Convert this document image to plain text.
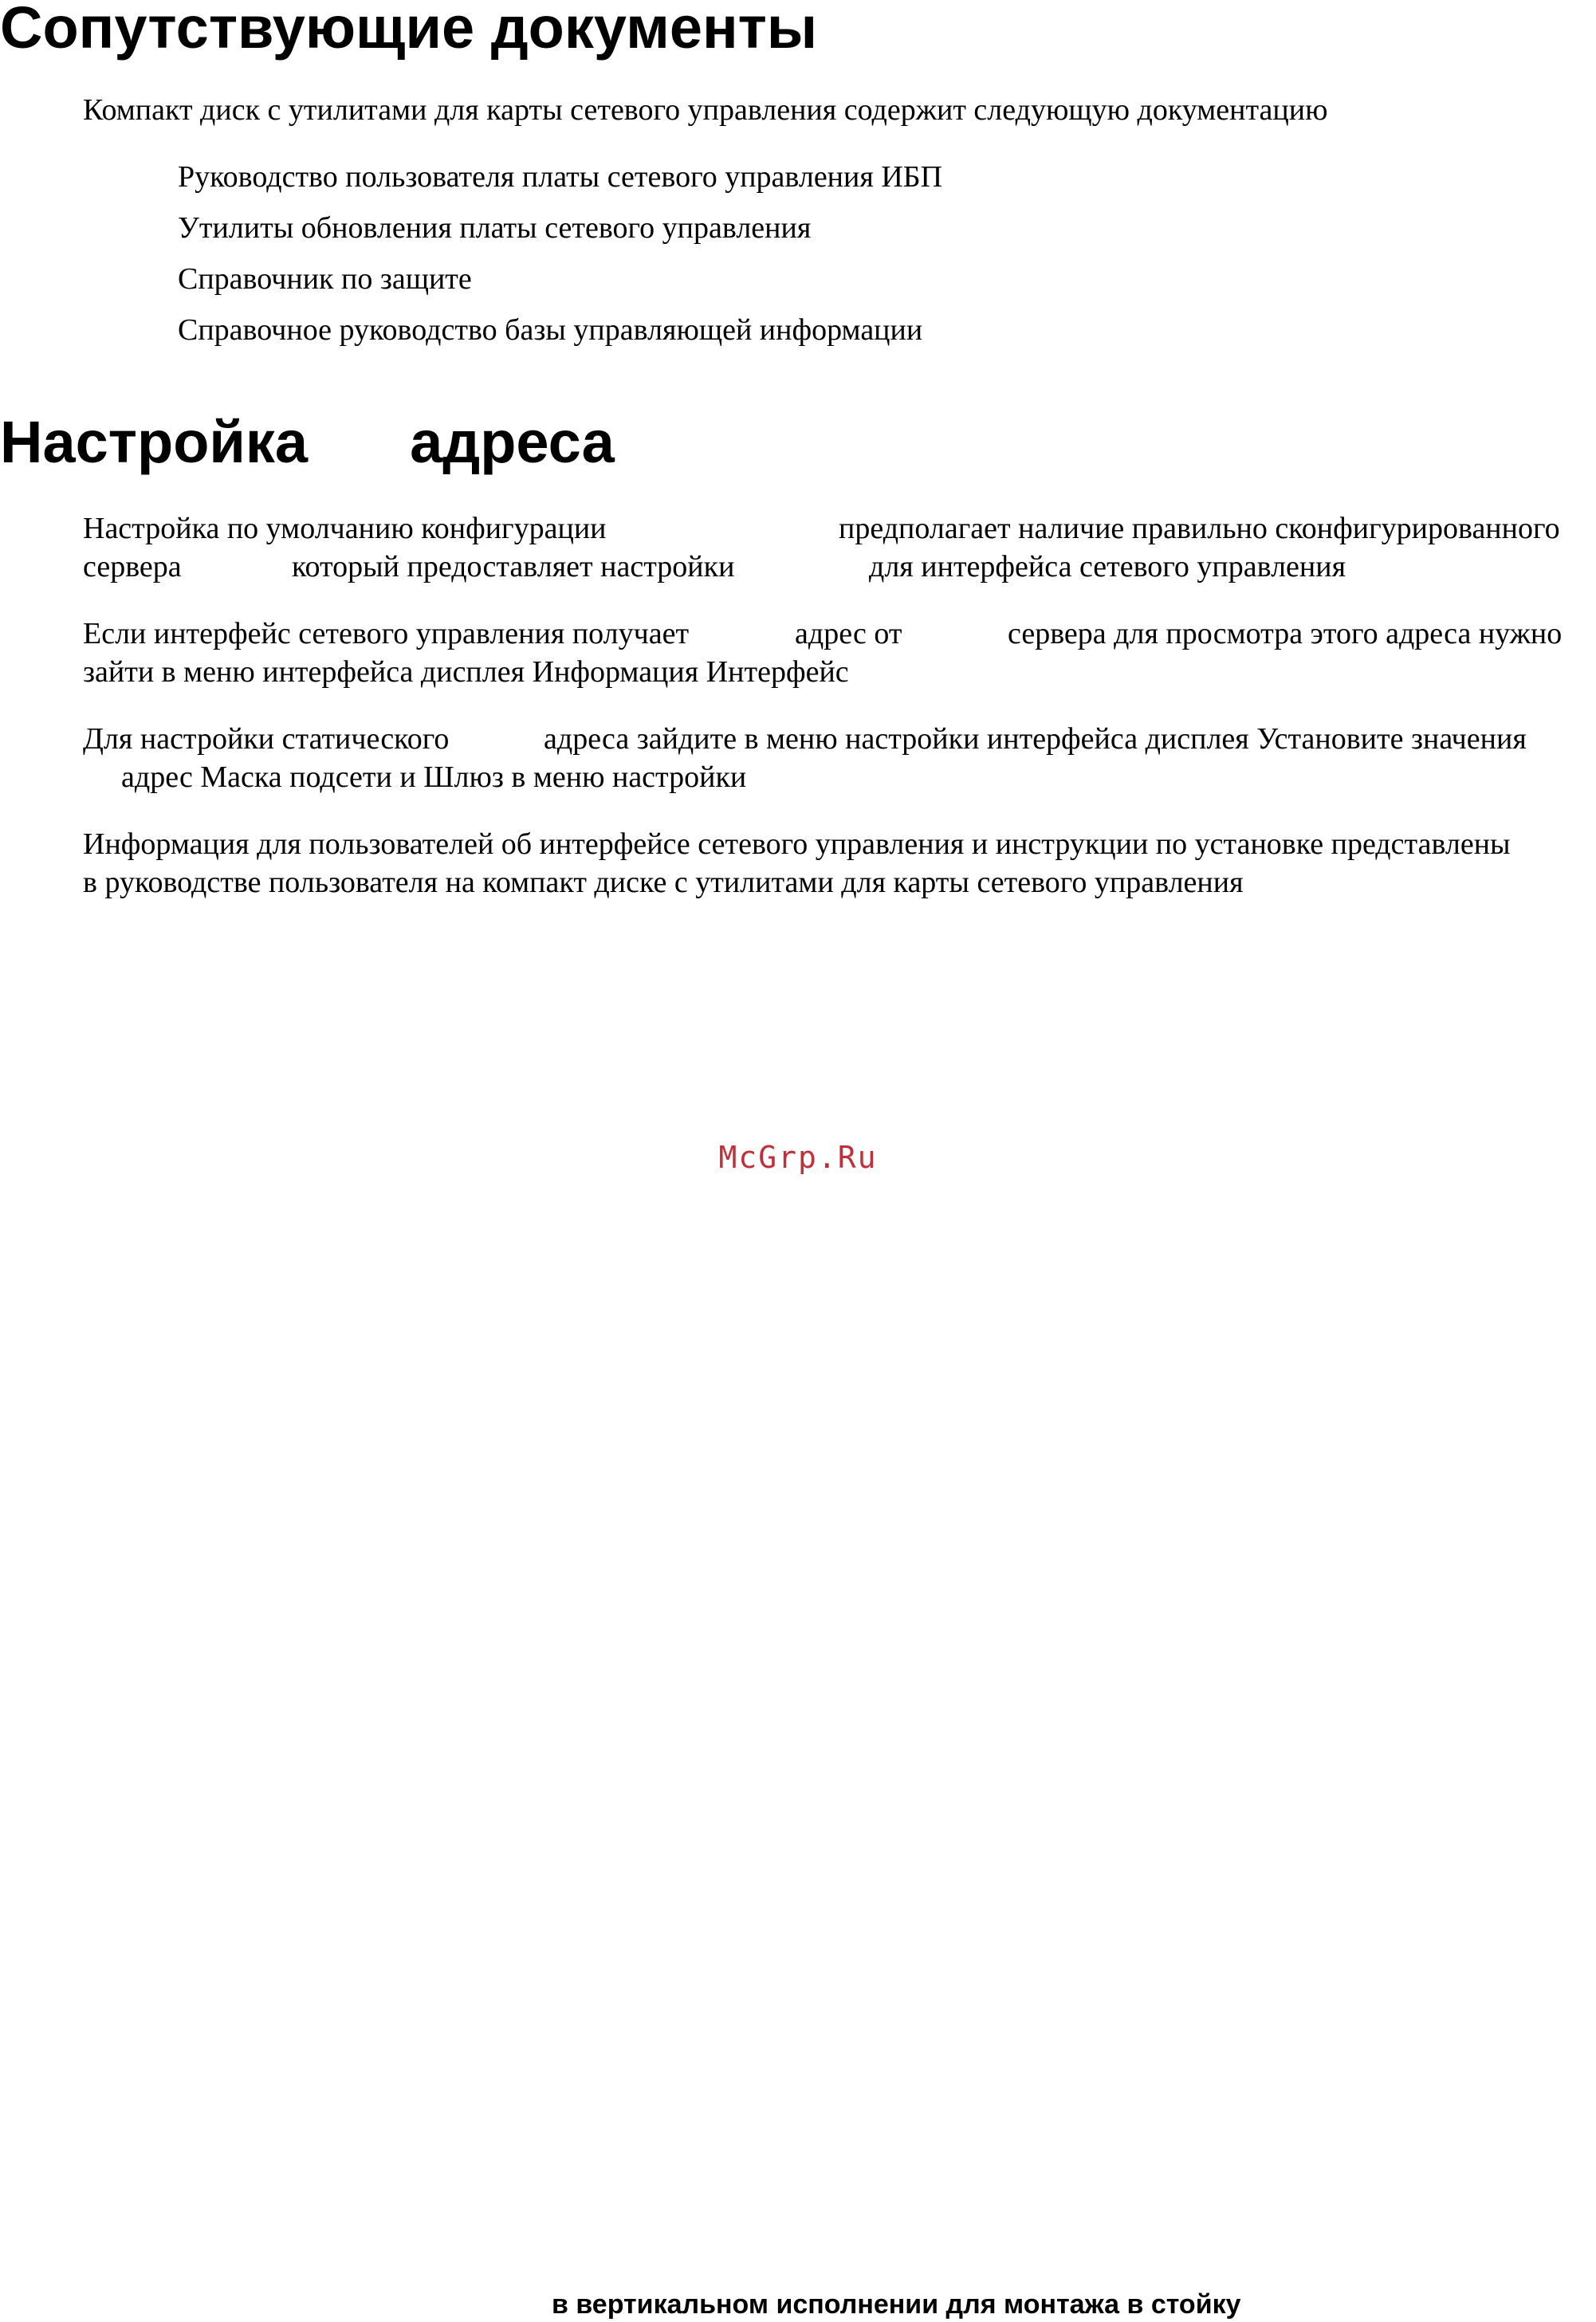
Сопутствующие документы

Компакт диск с утилитами для карты сетевого управления содержит следующую документацию

Руководство пользователя платы сетевого управления ИБП

Утилиты обновления платы сетевого управления

Справочник по защите

Справочное руководство базы управляющей информации

Настройка адреса

Настройка по умолчанию конфигурации	предполагает наличие правильно сконфигурированного

сервера	который предоставляет настройки	для интерфейса сетевого управления

Если интерфейс сетевого управления получает	адрес от	сервера для просмотра этого адреса нужно

зайти в меню интерфейса дисплея Информация Интерфейс

Для настройки статического	адреса зайдите в меню настройки интерфейса дисплея Установите значения

адрес Маска подсети и Шлюз в меню настройки

Информация для пользователей об интерфейсе сетевого управления и инструкции по установке представлены

в руководстве пользователя на компакт диске с утилитами для карты сетевого управления

McGrp.Ru
в вертикальном исполнении для монтажа в стойку
